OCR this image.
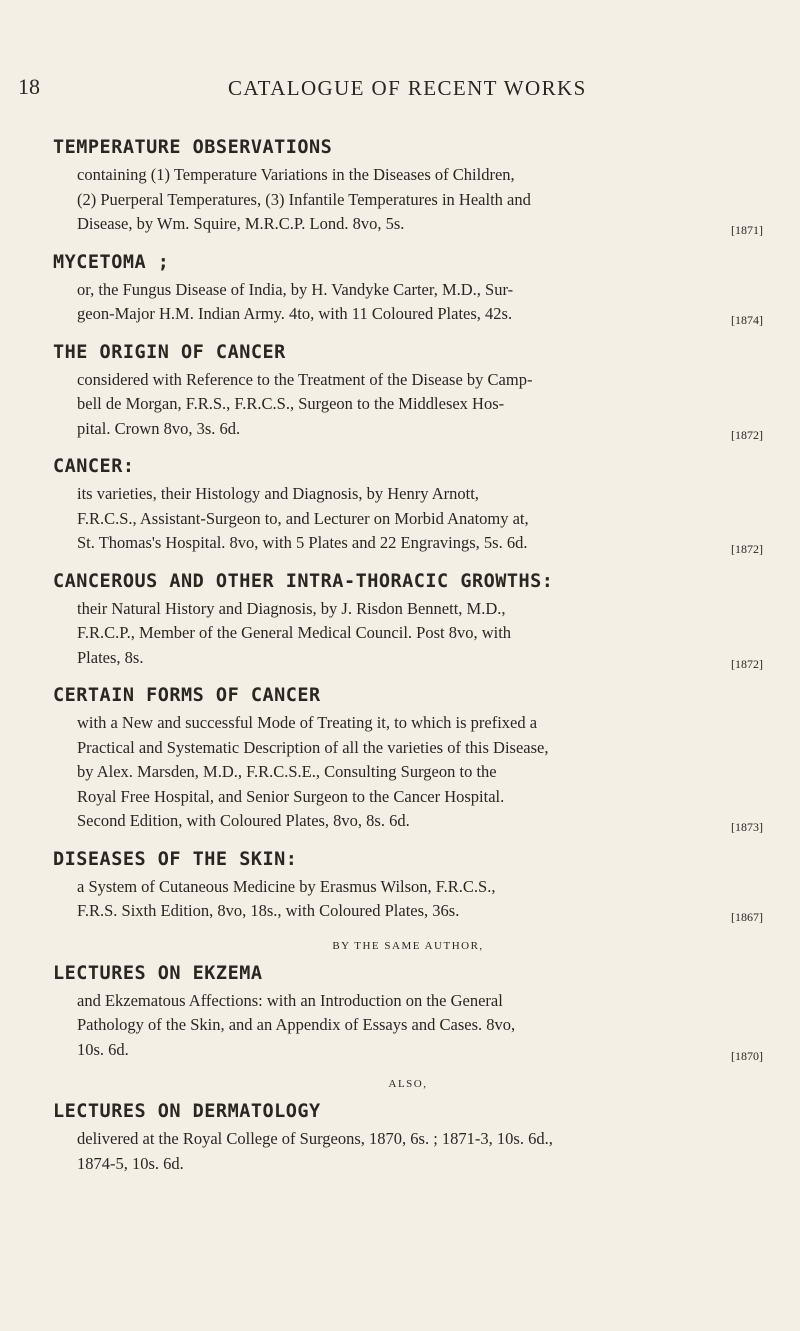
18	CATALOGUE OF RECENT WORKS
TEMPERATURE OBSERVATIONS
containing (1) Temperature Variations in the Diseases of Children,
(2) Puerperal Temperatures, (3) Infantile Temperatures in Health and
Disease, by Wm. Squire, M.R.C.P. Lond. 8vo, 5s.	[1871]
MYCETOMA ;
or, the Fungus Disease of India, by H. Vandyke Carter, M.D., Sur-
geon-Major H.M. Indian Army. 4to, with 11 Coloured Plates, 42s.	[1874]
THE ORIGIN OF CANCER
considered with Reference to the Treatment of the Disease by Camp-
bell de Morgan, F.R.S., F.R.C.S., Surgeon to the Middlesex Hos-
pital. Crown 8vo, 3s. 6d.	[1872]
CANCER:
its varieties, their Histology and Diagnosis, by Henry Arnott,
F.R.C.S., Assistant-Surgeon to, and Lecturer on Morbid Anatomy at,
St. Thomas's Hospital. 8vo, with 5 Plates and 22 Engravings, 5s. 6d.	[1872]
CANCEROUS AND OTHER INTRA-THORACIC GROWTHS:
their Natural History and Diagnosis, by J. Risdon Bennett, M.D.,
F.R.C.P., Member of the General Medical Council. Post 8vo, with
Plates, 8s.	[1872]
CERTAIN FORMS OF CANCER
with a New and successful Mode of Treating it, to which is prefixed a
Practical and Systematic Description of all the varieties of this Disease,
by Alex. Marsden, M.D., F.R.C.S.E., Consulting Surgeon to the
Royal Free Hospital, and Senior Surgeon to the Cancer Hospital.
Second Edition, with Coloured Plates, 8vo, 8s. 6d.	[1873]
DISEASES OF THE SKIN:
a System of Cutaneous Medicine by Erasmus Wilson, F.R.C.S.,
F.R.S. Sixth Edition, 8vo, 18s., with Coloured Plates, 36s.	[1867]
BY THE SAME AUTHOR,
LECTURES ON EKZEMA
and Ekzematous Affections: with an Introduction on the General
Pathology of the Skin, and an Appendix of Essays and Cases. 8vo,
10s. 6d.	[1870]
ALSO,
LECTURES ON DERMATOLOGY
delivered at the Royal College of Surgeons, 1870, 6s. ; 1871-3, 10s. 6d.,
1874-5, 10s. 6d.
